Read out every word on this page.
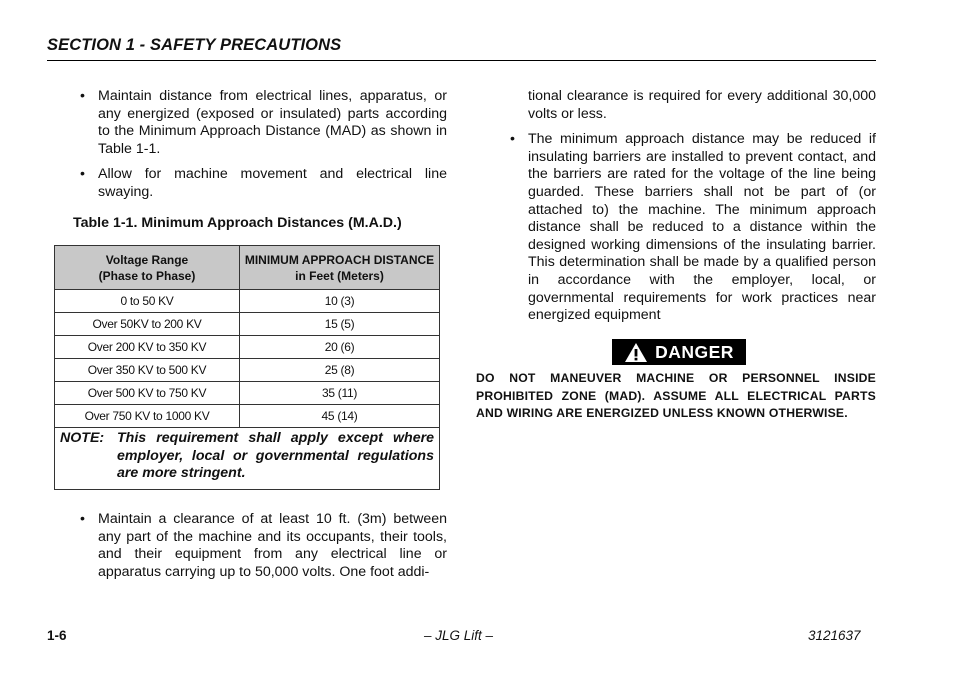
SECTION 1 - SAFETY PRECAUTIONS

• Maintain distance from electrical lines, apparatus, or any energized (exposed or insulated) parts according to the Minimum Approach Distance (MAD) as shown in Table 1-1.

• Allow for machine movement and electrical line swaying.

Table 1-1. Minimum Approach Distances (M.A.D.)
Voltage Range
(Phase to Phase)	MINIMUM APPROACH DISTANCE
in Feet (Meters)
0 to 50 KV	10 (3)
Over 50KV to 200 KV	15 (5)
Over 200 KV to 350 KV	20 (6)
Over 350 KV to 500 KV	25 (8)
Over 500 KV to 750 KV	35 (11)
Over 750 KV to 1000 KV	45 (14)

NOTE: This requirement shall apply except where employer, local or governmental regulations are more stringent.	

• Maintain a clearance of at least 10 ft. (3m) between any part of the machine and its occupants, their tools, and their equipment from any electrical line or apparatus carrying up to 50,000 volts. One foot addi-

tional clearance is required for every additional 30,000 volts or less.

• The minimum approach distance may be reduced if insulating barriers are installed to prevent contact, and the barriers are rated for the voltage of the line being guarded. These barriers shall not be part of (or attached to) the machine. The minimum approach distance shall be reduced to a distance within the designed working dimensions of the insulating barrier. This determination shall be made by a qualified person in accordance with the employer, local, or governmental requirements for work practices near energized equipment

DANGER
DO NOT MANEUVER MACHINE OR PERSONNEL INSIDE PROHIBITED ZONE (MAD). ASSUME ALL ELECTRICAL PARTS AND WIRING ARE ENERGIZED UNLESS KNOWN OTHERWISE.
1-6	– JLG Lift –	3121637
